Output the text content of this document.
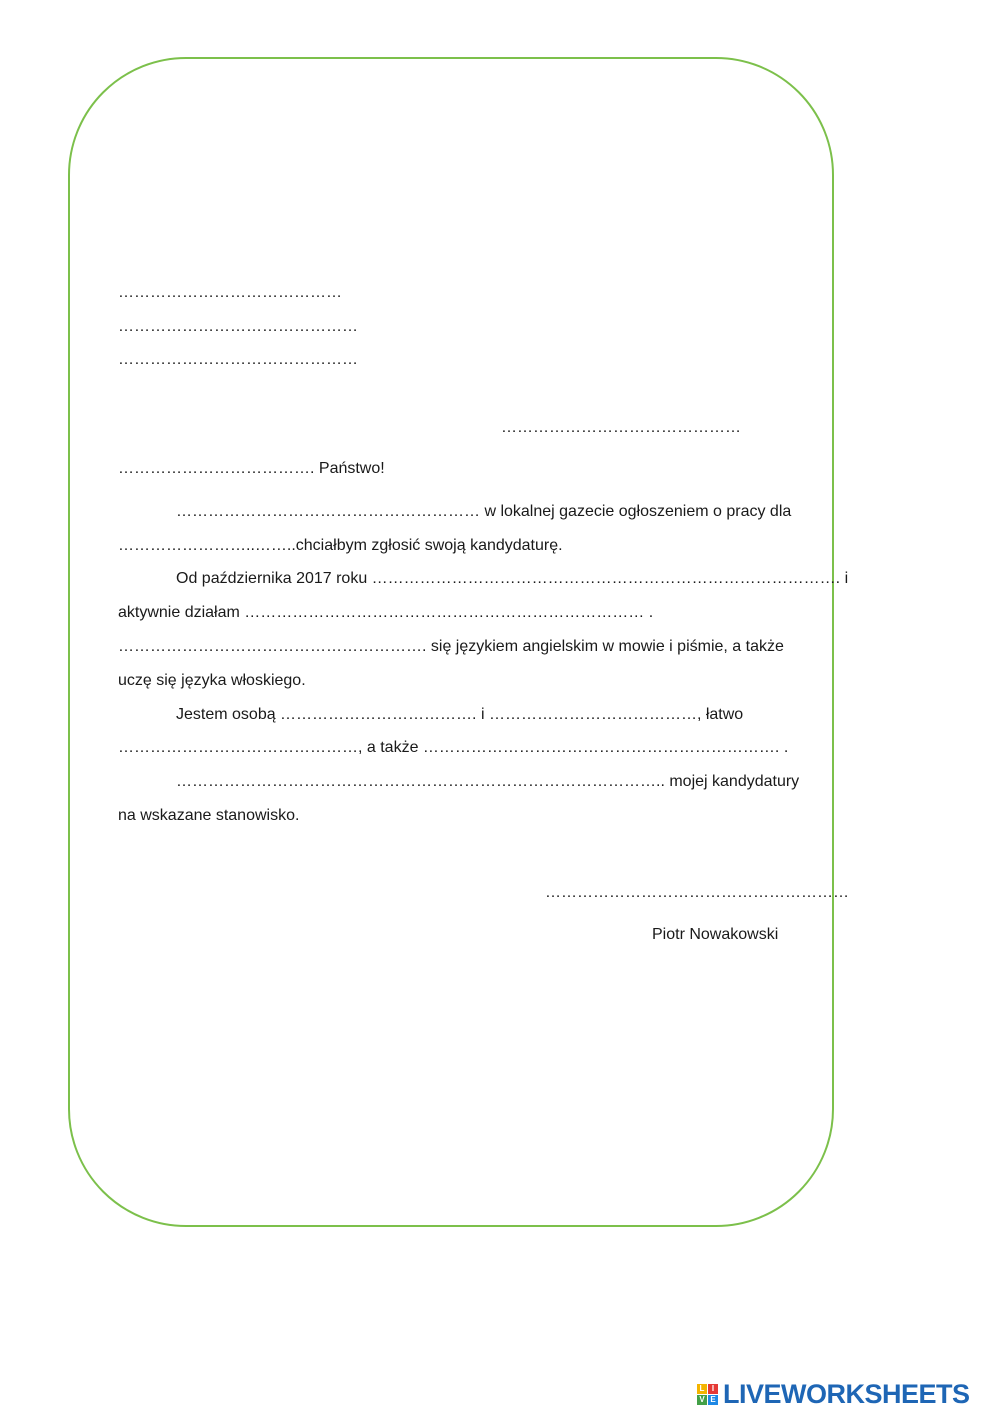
……………………………………
………………………………………
………………………………………
………………………………………
………………………………. Państwo!
………………………………………………… w lokalnej gazecie ogłoszeniem o pracy dla
……………………..……..chciałbym zgłosić swoją kandydaturę.
Od października 2017 roku ……………………………………………………………………………. i
aktywnie działam ………………………………………………………………… .
…………………………………………………. się językiem angielskim w mowie i piśmie, a także
uczę się języka włoskiego.
Jestem osobą ………………………………. i …………………………………, łatwo
………………………………………, a także …………………………………………………………. .
……………………………………………………………………………….. mojej kandydatury
na wskazane stanowisko.
…………………………………………………
Piotr Nowakowski
L I
V E LIVEWORKSHEETS
